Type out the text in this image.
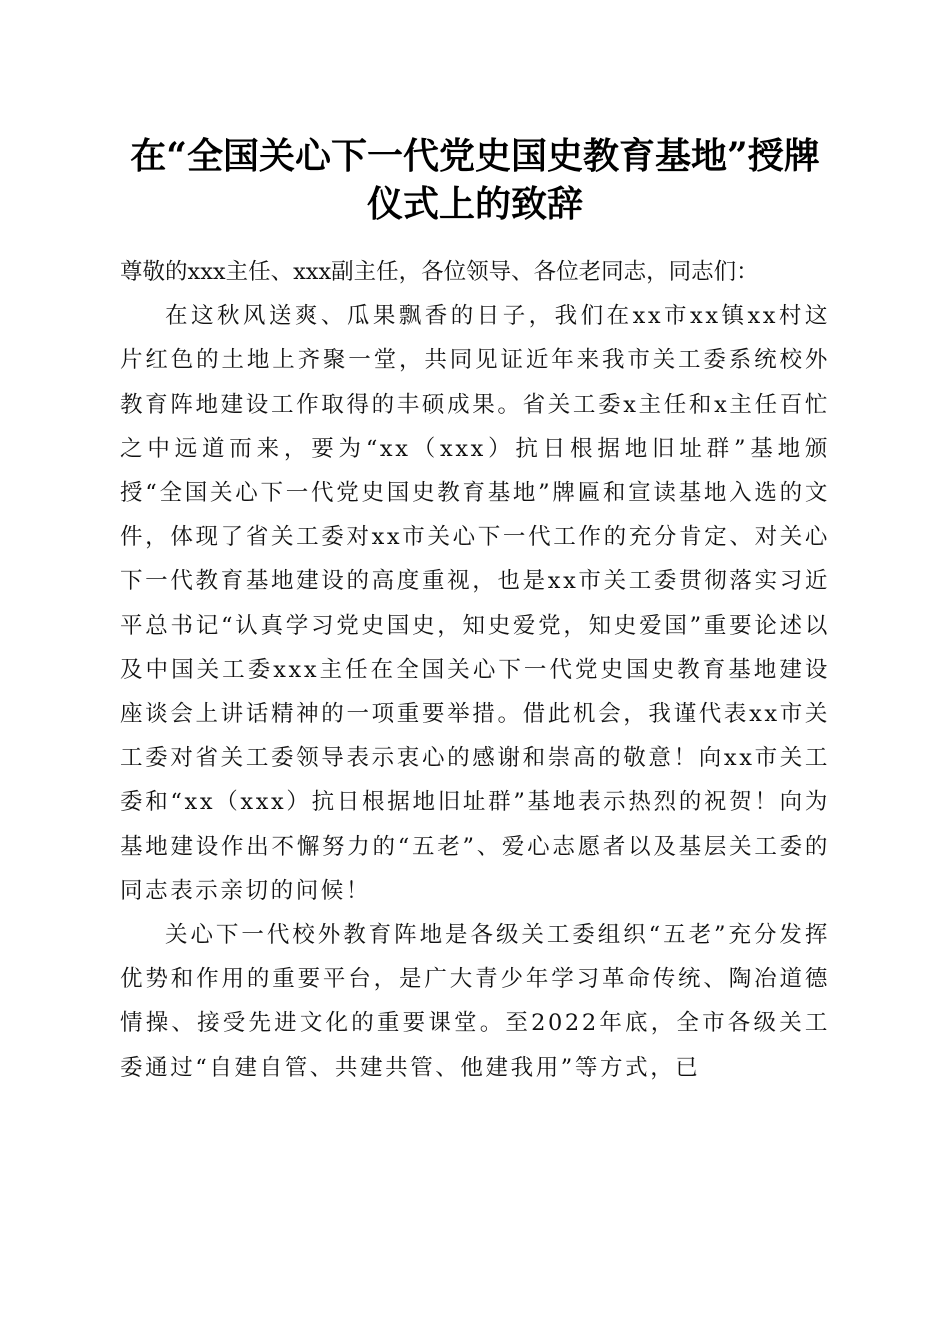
在“全国关心下一代党史国史教育基地”授牌
仪式上的致辞

尊敬的xxx主任、xxx副主任，各位领导、各位老同志，同志们：

在这秋风送爽、瓜果飘香的日子，我们在xx市xx镇xx村这片红色的土地上齐聚一堂，共同见证近年来我市关工委系统校外教育阵地建设工作取得的丰硕成果。省关工委x主任和x主任百忙之中远道而来，要为“xx（xxx）抗日根据地旧址群”基地颁授“全国关心下一代党史国史教育基地”牌匾和宣读基地入选的文件，体现了省关工委对xx市关心下一代工作的充分肯定、对关心下一代教育基地建设的高度重视，也是xx市关工委贯彻落实习近平总书记“认真学习党史国史，知史爱党，知史爱国”重要论述以及中国关工委xxx主任在全国关心下一代党史国史教育基地建设座谈会上讲话精神的一项重要举措。借此机会，我谨代表xx市关工委对省关工委领导表示衷心的感谢和崇高的敬意！向xx市关工委和“xx（xxx）抗日根据地旧址群”基地表示热烈的祝贺！向为基地建设作出不懈努力的“五老”、爱心志愿者以及基层关工委的同志表示亲切的问候！

关心下一代校外教育阵地是各级关工委组织“五老”充分发挥优势和作用的重要平台，是广大青少年学习革命传统、陶冶道德情操、接受先进文化的重要课堂。至2022年底，全市各级关工委通过“自建自管、共建共管、他建我用”等方式，已
